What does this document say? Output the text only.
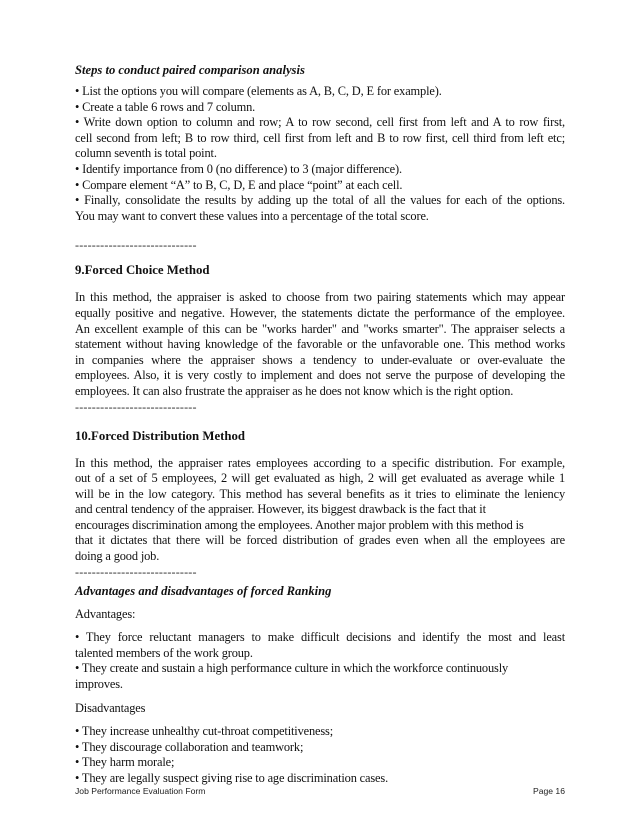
Steps to conduct paired comparison analysis
• List the options you will compare (elements as A, B, C, D, E for example).
• Create a table 6 rows and 7 column.
• Write down option to column and row; A to row second, cell first from left and A to row first,
cell second from left; B to row third, cell first from left and B to row first, cell third from left etc;
column seventh is total point.
• Identify importance from 0 (no difference) to 3 (major difference).
• Compare element “A” to B, C, D, E and place “point” at each cell.
• Finally, consolidate the results by adding up the total of all the values for each of the options.
You may want to convert these values into a percentage of the total score.
-----------------------------
9.Forced Choice Method
In this method, the appraiser is asked to choose from two pairing statements which may appear
equally positive and negative. However, the statements dictate the performance of the employee.
An excellent example of this can be "works harder" and "works smarter". The appraiser selects a
statement without having knowledge of the favorable or the unfavorable one. This method works
in companies where the appraiser shows a tendency to under-evaluate or over-evaluate the
employees. Also, it is very costly to implement and does not serve the purpose of developing the
employees. It can also frustrate the appraiser as he does not know which is the right option.
-----------------------------
10.Forced Distribution Method
In this method, the appraiser rates employees according to a specific distribution. For example,
out of a set of 5 employees, 2 will get evaluated as high, 2 will get evaluated as average while 1
will be in the low category. This method has several benefits as it tries to eliminate the leniency
and central tendency of the appraiser. However, its biggest drawback is the fact that it
encourages discrimination among the employees. Another major problem with this method is
that it dictates that there will be forced distribution of grades even when all the employees are
doing a good job.
-----------------------------
Advantages and disadvantages of forced Ranking
Advantages:
• They force reluctant managers to make difficult decisions and identify the most and least
talented members of the work group.
• They create and sustain a high performance culture in which the workforce continuously
improves.
Disadvantages
• They increase unhealthy cut-throat competitiveness;
• They discourage collaboration and teamwork;
• They harm morale;
• They are legally suspect giving rise to age discrimination cases.
Job Performance Evaluation Form	Page 16
